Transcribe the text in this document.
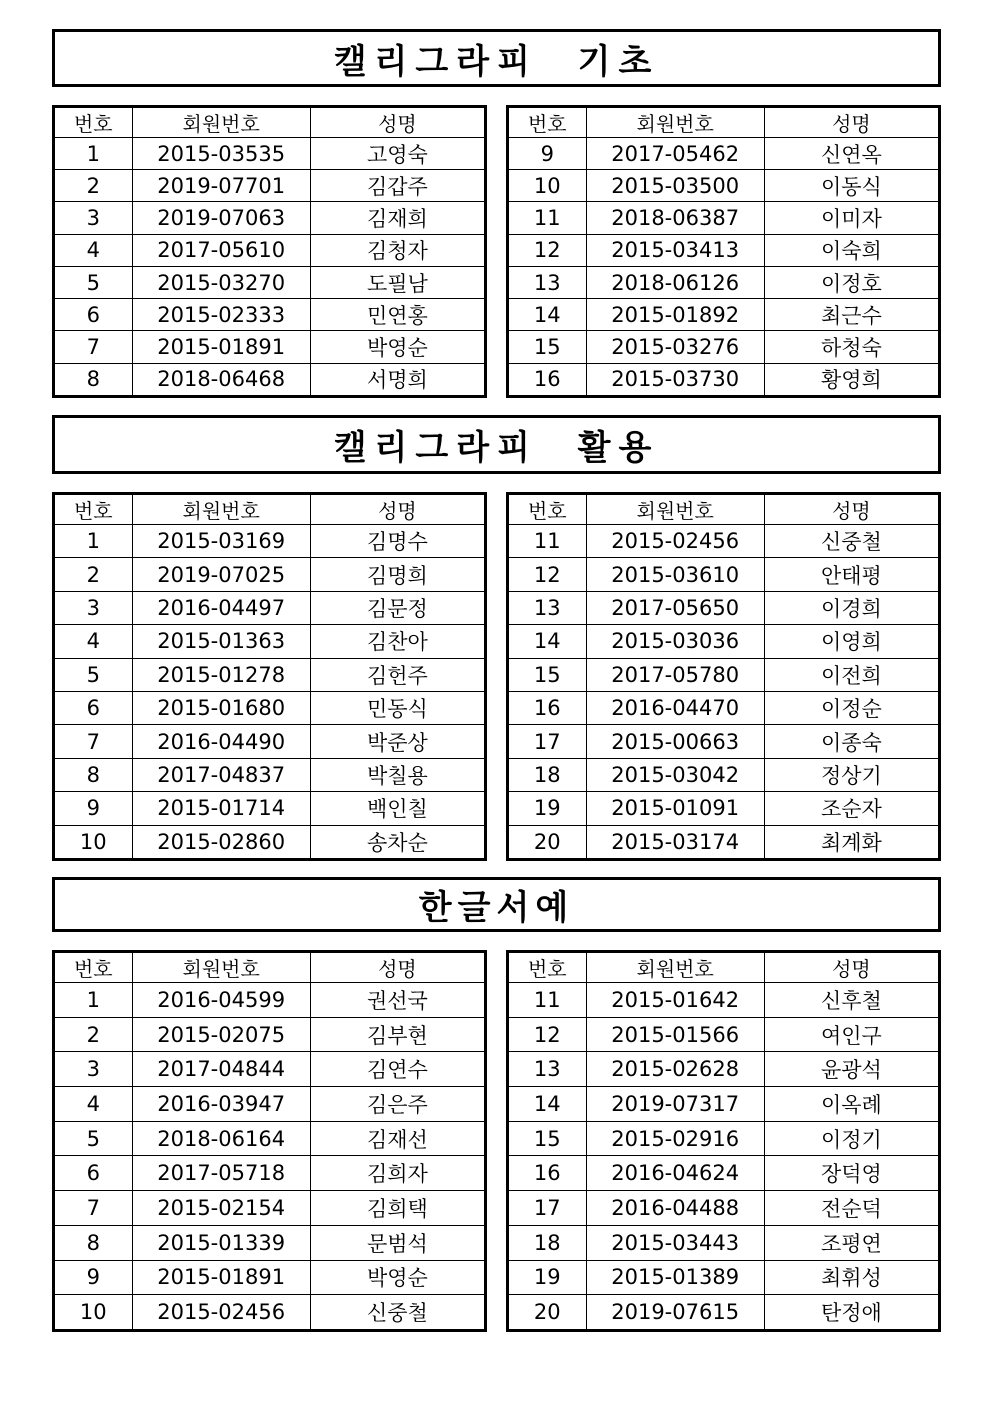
캘리그라피  기초
번호	회원번호	성명
1	2015-03535	고영숙
2	2019-07701	김갑주
3	2019-07063	김재희
4	2017-05610	김청자
5	2015-03270	도필남
6	2015-02333	민연홍
7	2015-01891	박영순
8	2018-06468	서명희
번호	회원번호	성명
9	2017-05462	신연옥
10	2015-03500	이동식
11	2018-06387	이미자
12	2015-03413	이숙희
13	2018-06126	이정호
14	2015-01892	최근수
15	2015-03276	하청숙
16	2015-03730	황영희
캘리그라피  활용
번호	회원번호	성명
1	2015-03169	김명수
2	2019-07025	김명희
3	2016-04497	김문정
4	2015-01363	김찬아
5	2015-01278	김헌주
6	2015-01680	민동식
7	2016-04490	박준상
8	2017-04837	박칠용
9	2015-01714	백인칠
10	2015-02860	송차순
번호	회원번호	성명
11	2015-02456	신중철
12	2015-03610	안태평
13	2017-05650	이경희
14	2015-03036	이영희
15	2017-05780	이전희
16	2016-04470	이정순
17	2015-00663	이종숙
18	2015-03042	정상기
19	2015-01091	조순자
20	2015-03174	최계화
한글서예
번호	회원번호	성명
1	2016-04599	권선국
2	2015-02075	김부현
3	2017-04844	김연수
4	2016-03947	김은주
5	2018-06164	김재선
6	2017-05718	김희자
7	2015-02154	김희택
8	2015-01339	문범석
9	2015-01891	박영순
10	2015-02456	신중철
번호	회원번호	성명
11	2015-01642	신후철
12	2015-01566	여인구
13	2015-02628	윤광석
14	2019-07317	이옥례
15	2015-02916	이정기
16	2016-04624	장덕영
17	2016-04488	전순덕
18	2015-03443	조평연
19	2015-01389	최휘성
20	2019-07615	탄정애
